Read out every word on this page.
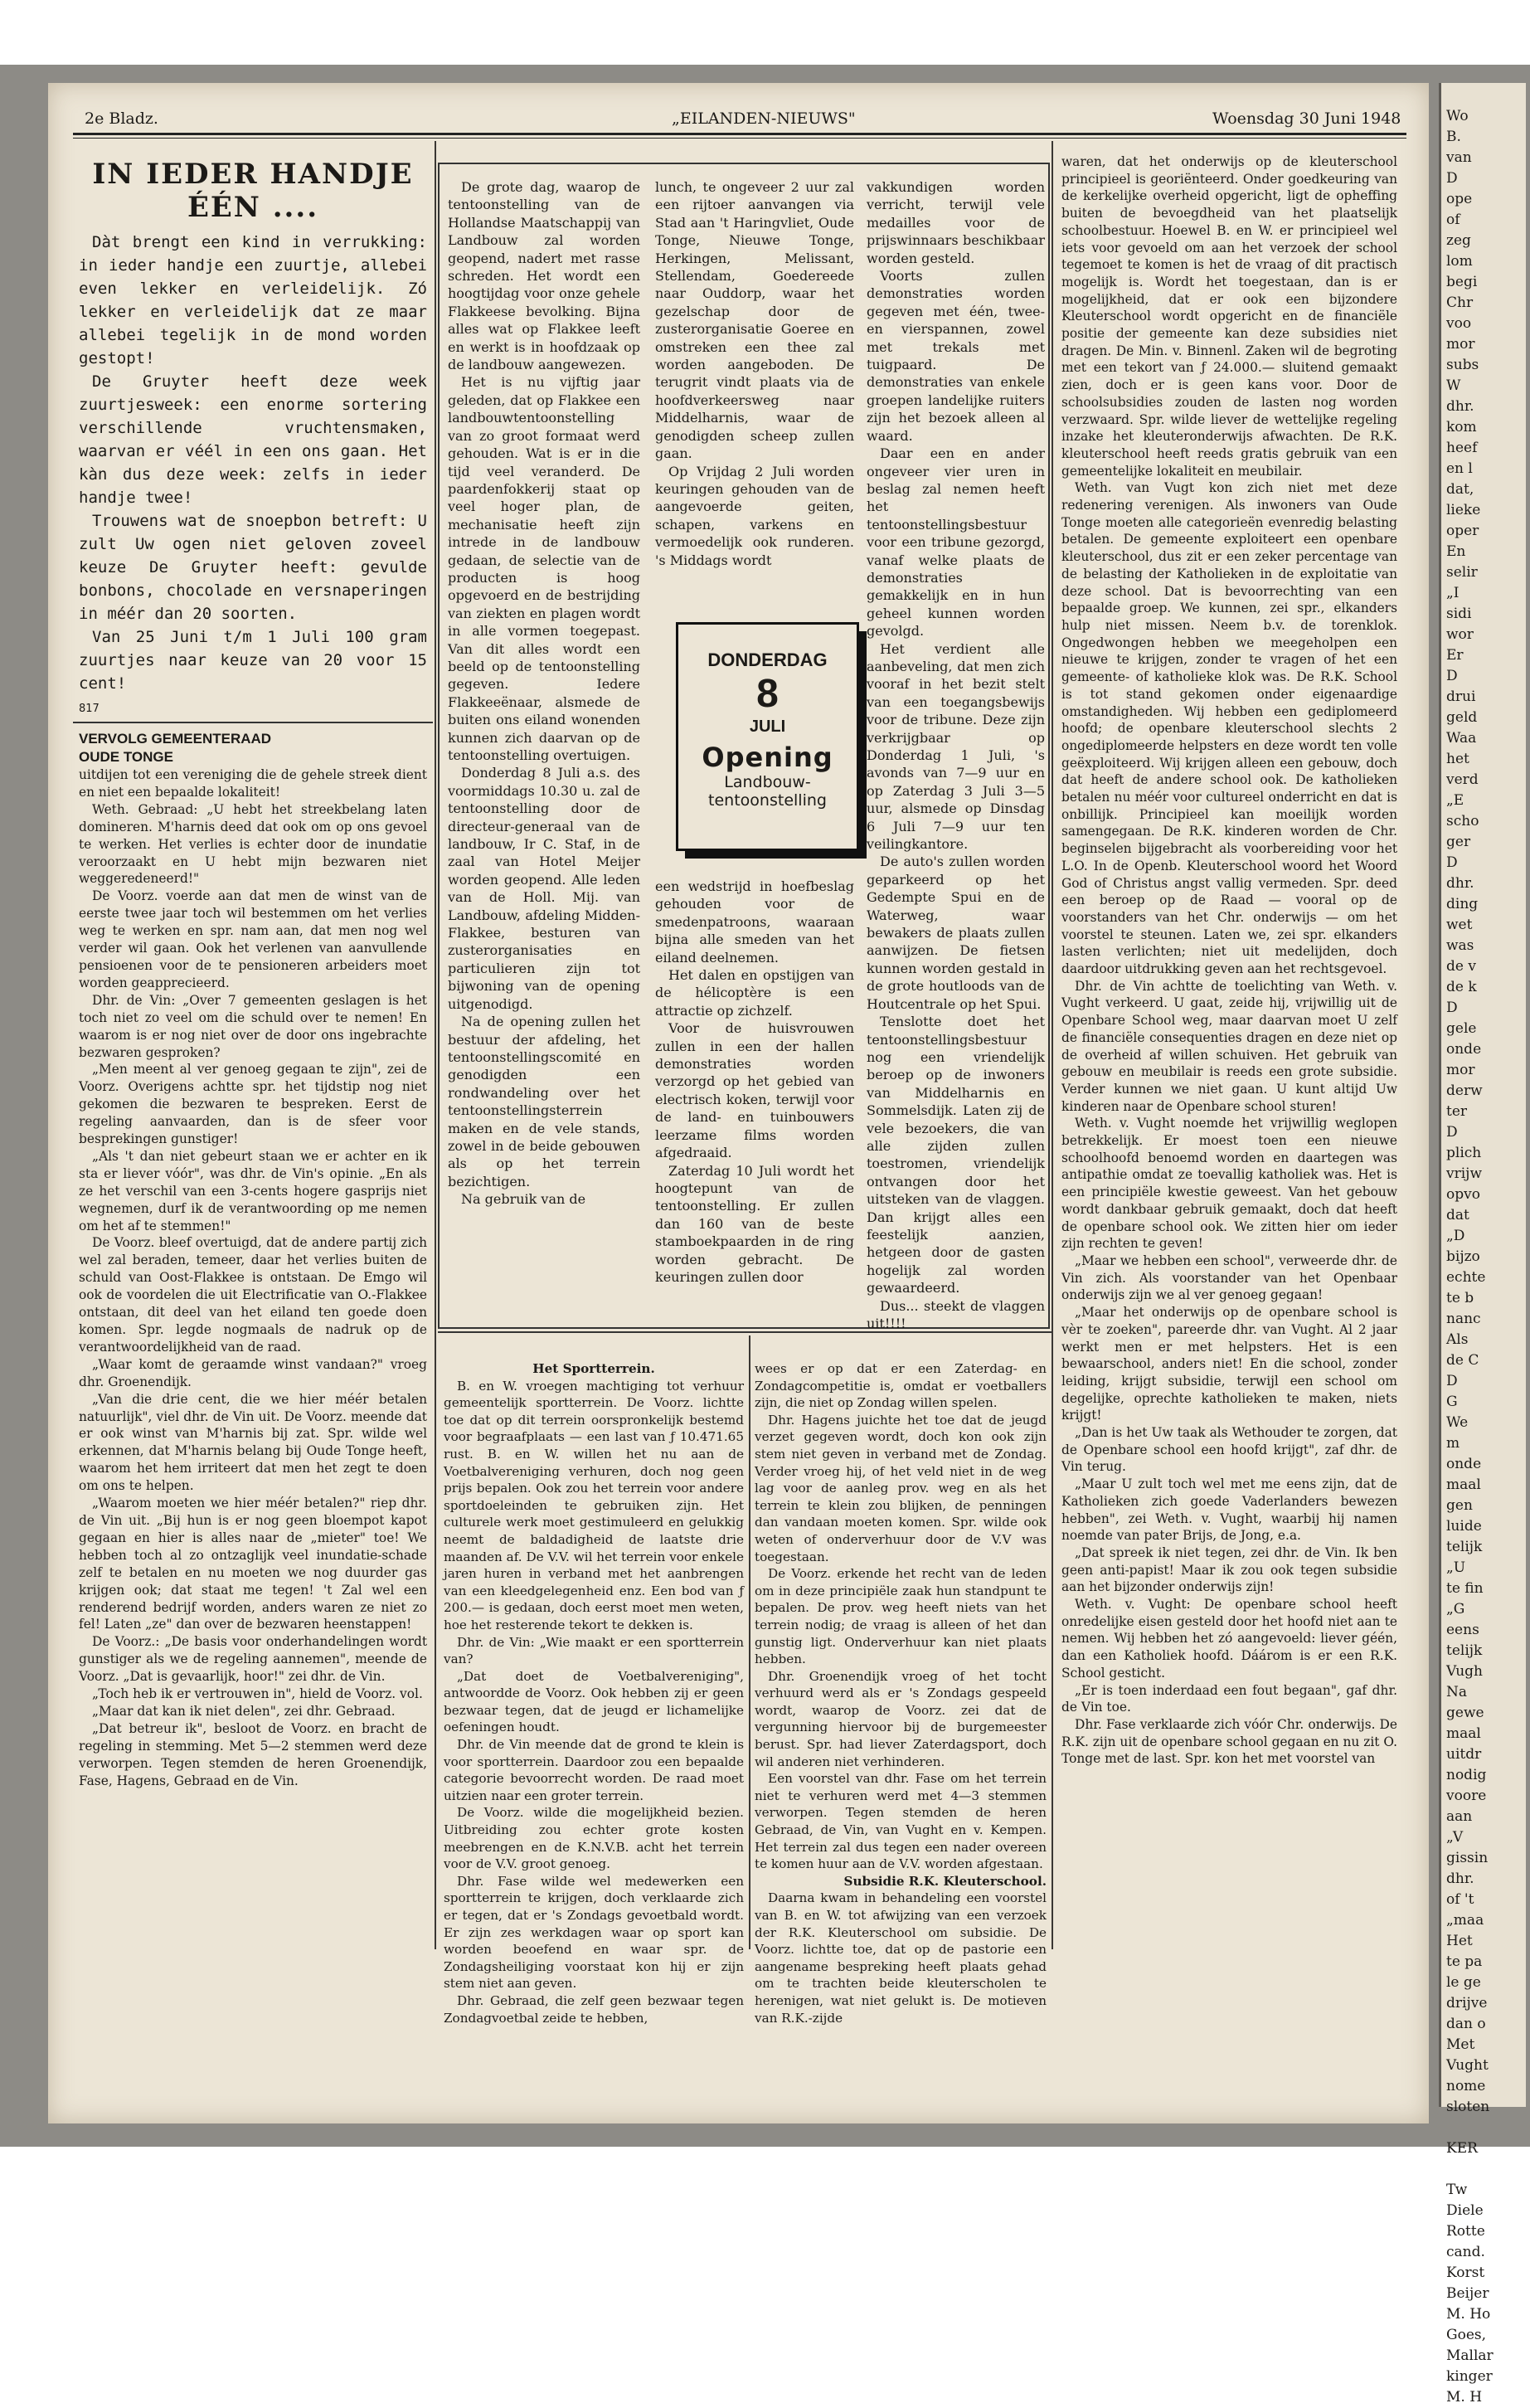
2e Bladz.	„EILANDEN-NIEUWS"	Woensdag 30 Juni 1948
IN IEDER HANDJE ÉÉN ....

Dàt brengt een kind in verrukking: in ieder handje een zuurtje, allebei even lekker en verleidelijk. Zó lekker en verleidelijk dat ze maar allebei tegelijk in de mond worden gestopt!

De Gruyter heeft deze week zuurtjesweek: een enorme sortering verschillende vruchtensmaken, waarvan er véél in een ons gaan. Het kàn dus deze week: zelfs in ieder handje twee!

Trouwens wat de snoepbon betreft: U zult Uw ogen niet geloven zoveel keuze De Gruyter heeft: gevulde bonbons, chocolade en versnaperingen in méér dan 20 soorten.

Van 25 Juni t/m 1 Juli 100 gram zuurtjes naar keuze van 20 voor 15 cent!

817
VERVOLG GEMEENTERAAD
OUDE TONGE

uitdijen tot een vereniging die de gehele streek dient en niet een bepaalde lokaliteit!

Weth. Gebraad: „U hebt het streekbelang laten domineren. M'harnis deed dat ook om op ons gevoel te werken. Het verlies is echter door de inundatie veroorzaakt en U hebt mijn bezwaren niet weggeredeneerd!"

De Voorz. voerde aan dat men de winst van de eerste twee jaar toch wil bestemmen om het verlies weg te werken en spr. nam aan, dat men nog wel verder wil gaan. Ook het verlenen van aanvullende pensioenen voor de te pensioneren arbeiders moet worden geapprecieerd.

Dhr. de Vin: „Over 7 gemeenten geslagen is het toch niet zo veel om die schuld over te nemen! En waarom is er nog niet over de door ons ingebrachte bezwaren gesproken?

„Men meent al ver genoeg gegaan te zijn", zei de Voorz. Overigens achtte spr. het tijdstip nog niet gekomen die bezwaren te bespreken. Eerst de regeling aanvaarden, dan is de sfeer voor besprekingen gunstiger!

„Als 't dan niet gebeurt staan we er achter en ik sta er liever vóór", was dhr. de Vin's opinie. „En als ze het verschil van een 3-cents hogere gasprijs niet wegnemen, durf ik de verantwoording op me nemen om het af te stemmen!"

De Voorz. bleef overtuigd, dat de andere partij zich wel zal beraden, temeer, daar het verlies buiten de schuld van Oost-Flakkee is ontstaan. De Emgo wil ook de voordelen die uit Electrificatie van O.-Flakkee ontstaan, dit deel van het eiland ten goede doen komen. Spr. legde nogmaals de nadruk op de verantwoordelijkheid van de raad.

„Waar komt de geraamde winst vandaan?" vroeg dhr. Groenendijk.

„Van die drie cent, die we hier méér betalen natuurlijk", viel dhr. de Vin uit. De Voorz. meende dat er ook winst van M'harnis bij zat. Spr. wilde wel erkennen, dat M'harnis belang bij Oude Tonge heeft, waarom het hem irriteert dat men het zegt te doen om ons te helpen.

„Waarom moeten we hier méér betalen?" riep dhr. de Vin uit. „Bij hun is er nog geen bloempot kapot gegaan en hier is alles naar de „mieter" toe! We hebben toch al zo ontzaglijk veel inundatie-schade zelf te betalen en nu moeten we nog duurder gas krijgen ook; dat staat me tegen! 't Zal wel een renderend bedrijf worden, anders waren ze niet zo fel! Laten „ze" dan over de bezwaren heenstappen!

De Voorz.: „De basis voor onderhandelingen wordt gunstiger als we de regeling aannemen", meende de Voorz. „Dat is gevaarlijk, hoor!" zei dhr. de Vin.

„Toch heb ik er vertrouwen in", hield de Voorz. vol.

„Maar dat kan ik niet delen", zei dhr. Gebraad.

„Dat betreur ik", besloot de Voorz. en bracht de regeling in stemming. Met 5—2 stemmen werd deze verworpen. Tegen stemden de heren Groenendijk, Fase, Hagens, Gebraad en de Vin.

De grote dag, waarop de tentoonstelling van de Hollandse Maatschappij van Landbouw zal worden geopend, nadert met rasse schreden. Het wordt een hoogtijdag voor onze gehele Flakkeese bevolking. Bijna alles wat op Flakkee leeft en werkt is in hoofdzaak op de landbouw aangewezen.

Het is nu vijftig jaar geleden, dat op Flakkee een landbouwtentoonstelling van zo groot formaat werd gehouden. Wat is er in die tijd veel veranderd. De paardenfokkerij staat op veel hoger plan, de mechanisatie heeft zijn intrede in de landbouw gedaan, de selectie van de producten is hoog opgevoerd en de bestrijding van ziekten en plagen wordt in alle vormen toegepast. Van dit alles wordt een beeld op de tentoonstelling gegeven. Iedere Flakkeeënaar, alsmede de buiten ons eiland wonenden kunnen zich daarvan op de tentoonstelling overtuigen.

Donderdag 8 Juli a.s. des voormiddags 10.30 u. zal de tentoonstelling door de directeur-generaal van de landbouw, Ir C. Staf, in de zaal van Hotel Meijer worden geopend. Alle leden van de Holl. Mij. van Landbouw, afdeling Midden-Flakkee, besturen van zusterorganisaties en particulieren zijn tot bijwoning van de opening uitgenodigd.

Na de opening zullen het bestuur der afdeling, het tentoonstellingscomité en genodigden een rondwandeling over het tentoonstellingsterrein maken en de vele stands, zowel in de beide gebouwen als op het terrein bezichtigen.

Na gebruik van de

lunch, te ongeveer 2 uur zal een rijtoer aanvangen via Stad aan 't Haringvliet, Oude Tonge, Nieuwe Tonge, Herkingen, Melissant, Stellendam, Goedereede naar Ouddorp, waar het gezelschap door de zusterorganisatie Goeree en omstreken een thee zal worden aangeboden. De terugrit vindt plaats via de hoofdverkeersweg naar Middelharnis, waar de genodigden scheep zullen gaan.

Op Vrijdag 2 Juli worden keuringen gehouden van de aangevoerde geiten, schapen, varkens en vermoedelijk ook runderen. 's Middags wordt

DONDERDAG
8
JULI
Opening
Landbouw-
tentoonstelling

een wedstrijd in hoefbeslag gehouden voor de smedenpatroons, waaraan bijna alle smeden van het eiland deelnemen.

Het dalen en opstijgen van de hélicoptère is een attractie op zichzelf.

Voor de huisvrouwen zullen in een der hallen demonstraties worden verzorgd op het gebied van electrisch koken, terwijl voor de land- en tuinbouwers leerzame films worden afgedraaid.

Zaterdag 10 Juli wordt het hoogtepunt van de tentoonstelling. Er zullen dan 160 van de beste stamboekpaarden in de ring worden gebracht. De keuringen zullen door

vakkundigen worden verricht, terwijl vele medailles voor de prijswinnaars beschikbaar worden gesteld.

Voorts zullen demonstraties worden gegeven met één, twee- en vierspannen, zowel met trekals met tuigpaard. De demonstraties van enkele groepen landelijke ruiters zijn het bezoek alleen al waard.

Daar een en ander ongeveer vier uren in beslag zal nemen heeft het tentoonstellingsbestuur voor een tribune gezorgd, vanaf welke plaats de demonstraties gemakkelijk en in hun geheel kunnen worden gevolgd.

Het verdient alle aanbeveling, dat men zich vooraf in het bezit stelt van een toegangsbewijs voor de tribune. Deze zijn verkrijgbaar op Donderdag 1 Juli, 's avonds van 7—9 uur en op Zaterdag 3 Juli 3—5 uur, alsmede op Dinsdag 6 Juli 7—9 uur ten veilingkantore.

De auto's zullen worden geparkeerd op het Gedempte Spui en de Waterweg, waar bewakers de plaats zullen aanwijzen. De fietsen kunnen worden gestald in de grote houtloods van de Houtcentrale op het Spui.

Tenslotte doet het tentoonstellingsbestuur nog een vriendelijk beroep op de inwoners van Middelharnis en Sommelsdijk. Laten zij de vele bezoekers, die van alle zijden zullen toestromen, vriendelijk ontvangen door het uitsteken van de vlaggen. Dan krijgt alles een feestelijk aanzien, hetgeen door de gasten hogelijk zal worden gewaardeerd.

Dus... steekt de vlaggen uit!!!!

Het Sportterrein.

B. en W. vroegen machtiging tot verhuur gemeentelijk sportterrein. De Voorz. lichtte toe dat op dit terrein oorspronkelijk bestemd voor begraafplaats — een last van ƒ 10.471.65 rust. B. en W. willen het nu aan de Voetbalvereniging verhuren, doch nog geen prijs bepalen. Ook zou het terrein voor andere sportdoeleinden te gebruiken zijn. Het culturele werk moet gestimuleerd en gelukkig neemt de baldadigheid de laatste drie maanden af. De V.V. wil het terrein voor enkele jaren huren in verband met het aanbrengen van een kleedgelegenheid enz. Een bod van ƒ 200.— is gedaan, doch eerst moet men weten, hoe het resterende tekort te dekken is.

Dhr. de Vin: „Wie maakt er een sportterrein van?

„Dat doet de Voetbalvereniging", antwoordde de Voorz. Ook hebben zij er geen bezwaar tegen, dat de jeugd er lichamelijke oefeningen houdt.

Dhr. de Vin meende dat de grond te klein is voor sportterrein. Daardoor zou een bepaalde categorie bevoorrecht worden. De raad moet uitzien naar een groter terrein.

De Voorz. wilde die mogelijkheid bezien. Uitbreiding zou echter grote kosten meebrengen en de K.N.V.B. acht het terrein voor de V.V. groot genoeg.

Dhr. Fase wilde wel medewerken een sportterrein te krijgen, doch verklaarde zich er tegen, dat er 's Zondags gevoetbald wordt. Er zijn zes werkdagen waar op sport kan worden beoefend en waar spr. de Zondagsheiliging voorstaat kon hij er zijn stem niet aan geven.

Dhr. Gebraad, die zelf geen bezwaar tegen Zondagvoetbal zeide te hebben,

wees er op dat er een Zaterdag- en Zondagcompetitie is, omdat er voetballers zijn, die niet op Zondag willen spelen.

Dhr. Hagens juichte het toe dat de jeugd verzet gegeven wordt, doch kon ook zijn stem niet geven in verband met de Zondag. Verder vroeg hij, of het veld niet in de weg lag voor de aanleg prov. weg en als het terrein te klein zou blijken, de penningen dan vandaan moeten komen. Spr. wilde ook weten of onderverhuur door de V.V was toegestaan.

De Voorz. erkende het recht van de leden om in deze principiële zaak hun standpunt te bepalen. De prov. weg heeft niets van het terrein nodig; de vraag is alleen of het dan gunstig ligt. Onderverhuur kan niet plaats hebben.

Dhr. Groenendijk vroeg of het tocht verhuurd werd als er 's Zondags gespeeld wordt, waarop de Voorz. zei dat de vergunning hiervoor bij de burgemeester berust. Spr. had liever Zaterdagsport, doch wil anderen niet verhinderen.

Een voorstel van dhr. Fase om het terrein niet te verhuren werd met 4—3 stemmen verworpen. Tegen stemden de heren Gebraad, de Vin, van Vught en v. Kempen. Het terrein zal dus tegen een nader overeen te komen huur aan de V.V. worden afgestaan.

Subsidie R.K. Kleuterschool.

Daarna kwam in behandeling een voorstel van B. en W. tot afwijzing van een verzoek der R.K. Kleuterschool om subsidie. De Voorz. lichtte toe, dat op de pastorie een aangename bespreking heeft plaats gehad om te trachten beide kleuterscholen te herenigen, wat niet gelukt is. De motieven van R.K.-zijde

waren, dat het onderwijs op de kleuterschool principieel is georiënteerd. Onder goedkeuring van de kerkelijke overheid opgericht, ligt de opheffing buiten de bevoegdheid van het plaatselijk schoolbestuur. Hoewel B. en W. er principieel wel iets voor gevoeld om aan het verzoek der school tegemoet te komen is het de vraag of dit practisch mogelijk is. Wordt het toegestaan, dan is er mogelijkheid, dat er ook een bijzondere Kleuterschool wordt opgericht en de financiële positie der gemeente kan deze subsidies niet dragen. De Min. v. Binnenl. Zaken wil de begroting met een tekort van ƒ 24.000.— sluitend gemaakt zien, doch er is geen kans voor. Door de schoolsubsidies zouden de lasten nog worden verzwaard. Spr. wilde liever de wettelijke regeling inzake het kleuteronderwijs afwachten. De R.K. kleuterschool heeft reeds gratis gebruik van een gemeentelijke lokaliteit en meubilair.

Weth. van Vugt kon zich niet met deze redenering verenigen. Als inwoners van Oude Tonge moeten alle categorieën evenredig belasting betalen. De gemeente exploiteert een openbare kleuterschool, dus zit er een zeker percentage van de belasting der Katholieken in de exploitatie van deze school. Dat is bevoorrechting van een bepaalde groep. We kunnen, zei spr., elkanders hulp niet missen. Neem b.v. de torenklok. Ongedwongen hebben we meegeholpen een nieuwe te krijgen, zonder te vragen of het een gemeente- of katholieke klok was. De R.K. School is tot stand gekomen onder eigenaardige omstandigheden. Wij hebben een gediplomeerd hoofd; de openbare kleuterschool slechts 2 ongediplomeerde helpsters en deze wordt ten volle geëxploiteerd. Wij krijgen alleen een gebouw, doch dat heeft de andere school ook. De katholieken betalen nu méér voor cultureel onderricht en dat is onbillijk. Principieel kan moeilijk worden samengegaan. De R.K. kinderen worden de Chr. beginselen bijgebracht als voorbereiding voor het L.O. In de Openb. Kleuterschool woord het Woord God of Christus angst vallig vermeden. Spr. deed een beroep op de Raad — vooral op de voorstanders van het Chr. onderwijs — om het voorstel te steunen. Laten we, zei spr. elkanders lasten verlichten; niet uit medelijden, doch daardoor uitdrukking geven aan het rechtsgevoel.

Dhr. de Vin achtte de toelichting van Weth. v. Vught verkeerd. U gaat, zeide hij, vrijwillig uit de Openbare School weg, maar daarvan moet U zelf de financiële consequenties dragen en deze niet op de overheid af willen schuiven. Het gebruik van gebouw en meubilair is reeds een grote subsidie. Verder kunnen we niet gaan. U kunt altijd Uw kinderen naar de Openbare school sturen!

Weth. v. Vught noemde het vrijwillig weglopen betrekkelijk. Er moest toen een nieuwe schoolhoofd benoemd worden en daartegen was antipathie omdat ze toevallig katholiek was. Het is een principiële kwestie geweest. Van het gebouw wordt dankbaar gebruik gemaakt, doch dat heeft de openbare school ook. We zitten hier om ieder zijn rechten te geven!

„Maar we hebben een school", verweerde dhr. de Vin zich. Als voorstander van het Openbaar onderwijs zijn we al ver genoeg gegaan!

„Maar het onderwijs op de openbare school is vèr te zoeken", pareerde dhr. van Vught. Al 2 jaar werkt men er met helpsters. Het is een bewaarschool, anders niet! En die school, zonder leiding, krijgt subsidie, terwijl een school om degelijke, oprechte katholieken te maken, niets krijgt!

„Dan is het Uw taak als Wethouder te zorgen, dat de Openbare school een hoofd krijgt", zaf dhr. de Vin terug.

„Maar U zult toch wel met me eens zijn, dat de Katholieken zich goede Vaderlanders bewezen hebben", zei Weth. v. Vught, waarbij hij namen noemde van pater Brijs, de Jong, e.a.

„Dat spreek ik niet tegen, zei dhr. de Vin. Ik ben geen anti-papist! Maar ik zou ook tegen subsidie aan het bijzonder onderwijs zijn!

Weth. v. Vught: De openbare school heeft onredelijke eisen gesteld door het hoofd niet aan te nemen. Wij hebben het zó aangevoeld: liever géén, dan een Katholiek hoofd. Dáárom is er een R.K. School gesticht.

„Er is toen inderdaad een fout begaan", gaf dhr. de Vin toe.

Dhr. Fase verklaarde zich vóór Chr. onderwijs. De R.K. zijn uit de openbare school gegaan en nu zit O. Tonge met de last. Spr. kon het met voorstel van

Wo
B.
van
D
ope
of
zeg
lom
begi
Chr
voo
mor
subs
W
dhr.
kom
heef
en l
dat,
lieke
oper
En
selir
„I
sidi
wor
Er
D
drui
geld
Waa
het
verd
„E
scho
ger
D
dhr.
ding
wet
was
de v
de k
D
gele
onde
mor
derw
ter
D
plich
vrijw
opvo
dat
„D
bijzo
echte
te b
nanc
Als
de C
D
G
We
m
onde
maal
gen
luide
telijk
„U
te fin
„G
eens
telijk
Vugh
Na
gewe
maal
uitdr
nodig
voore
aan
„V
gissin
dhr.
of 't
„maa
Het
te pa
le ge
drijve
dan o
Met
Vught
nome
sloten

KER

Tw
Diele
Rotte
cand.
Korst
Beijer
M. Ho
Goes,
Mallar
kinger
M. H
